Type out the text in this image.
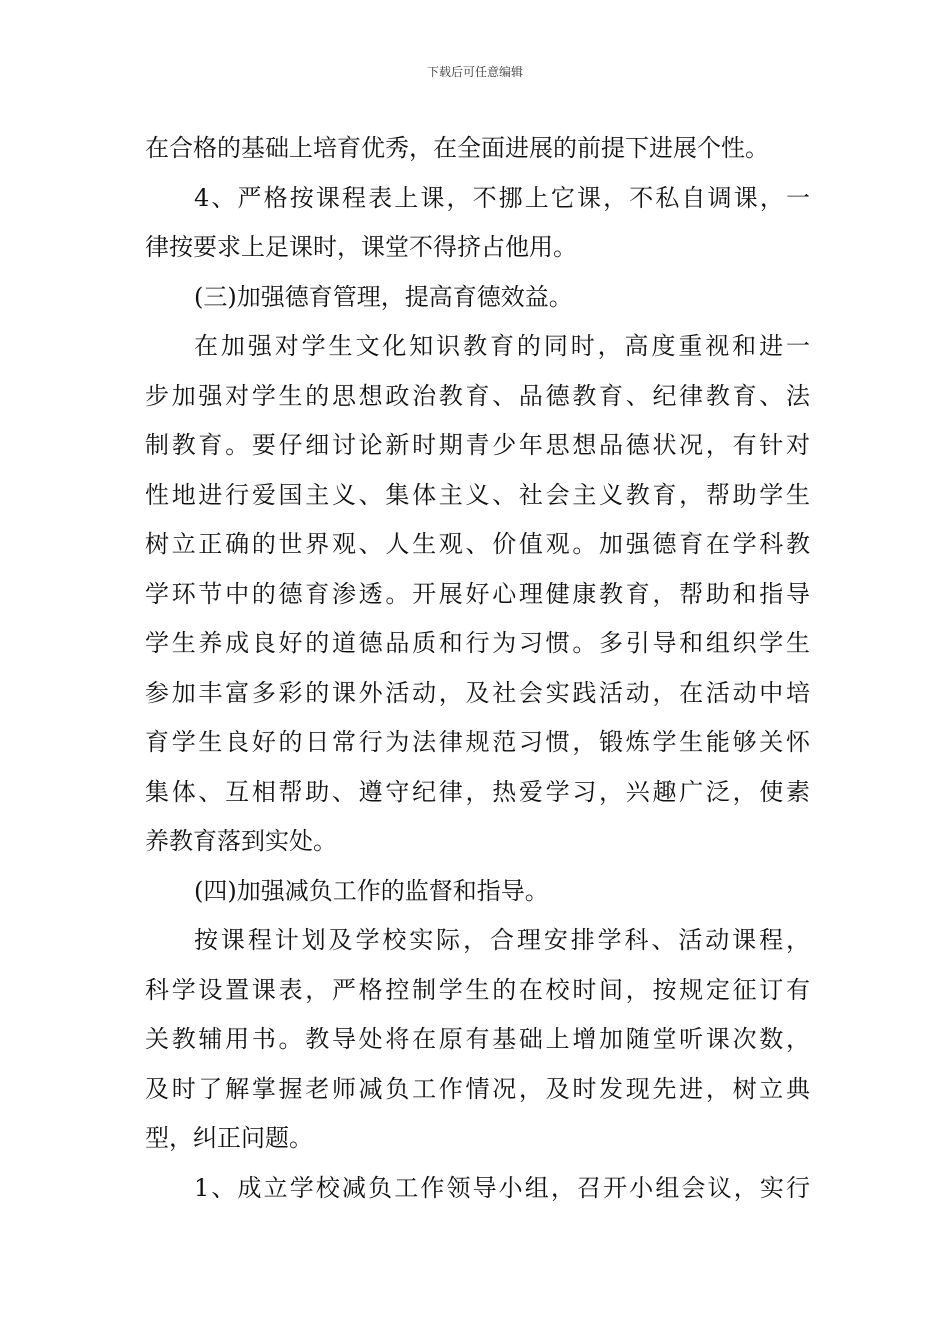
下载后可任意编辑
在合格的基础上培育优秀，在全面进展的前提下进展个性。
4、严格按课程表上课，不挪上它课，不私自调课，一
律按要求上足课时，课堂不得挤占他用。
(三)加强德育管理，提高育德效益。
在加强对学生文化知识教育的同时，高度重视和进一
步加强对学生的思想政治教育、品德教育、纪律教育、法
制教育。要仔细讨论新时期青少年思想品德状况，有针对
性地进行爱国主义、集体主义、社会主义教育，帮助学生
树立正确的世界观、人生观、价值观。加强德育在学科教
学环节中的德育渗透。开展好心理健康教育，帮助和指导
学生养成良好的道德品质和行为习惯。多引导和组织学生
参加丰富多彩的课外活动，及社会实践活动，在活动中培
育学生良好的日常行为法律规范习惯，锻炼学生能够关怀
集体、互相帮助、遵守纪律，热爱学习，兴趣广泛，使素
养教育落到实处。
(四)加强减负工作的监督和指导。
按课程计划及学校实际，合理安排学科、活动课程，
科学设置课表，严格控制学生的在校时间，按规定征订有
关教辅用书。教导处将在原有基础上增加随堂听课次数，
及时了解掌握老师减负工作情况，及时发现先进，树立典
型，纠正问题。
1、成立学校减负工作领导小组，召开小组会议，实行
